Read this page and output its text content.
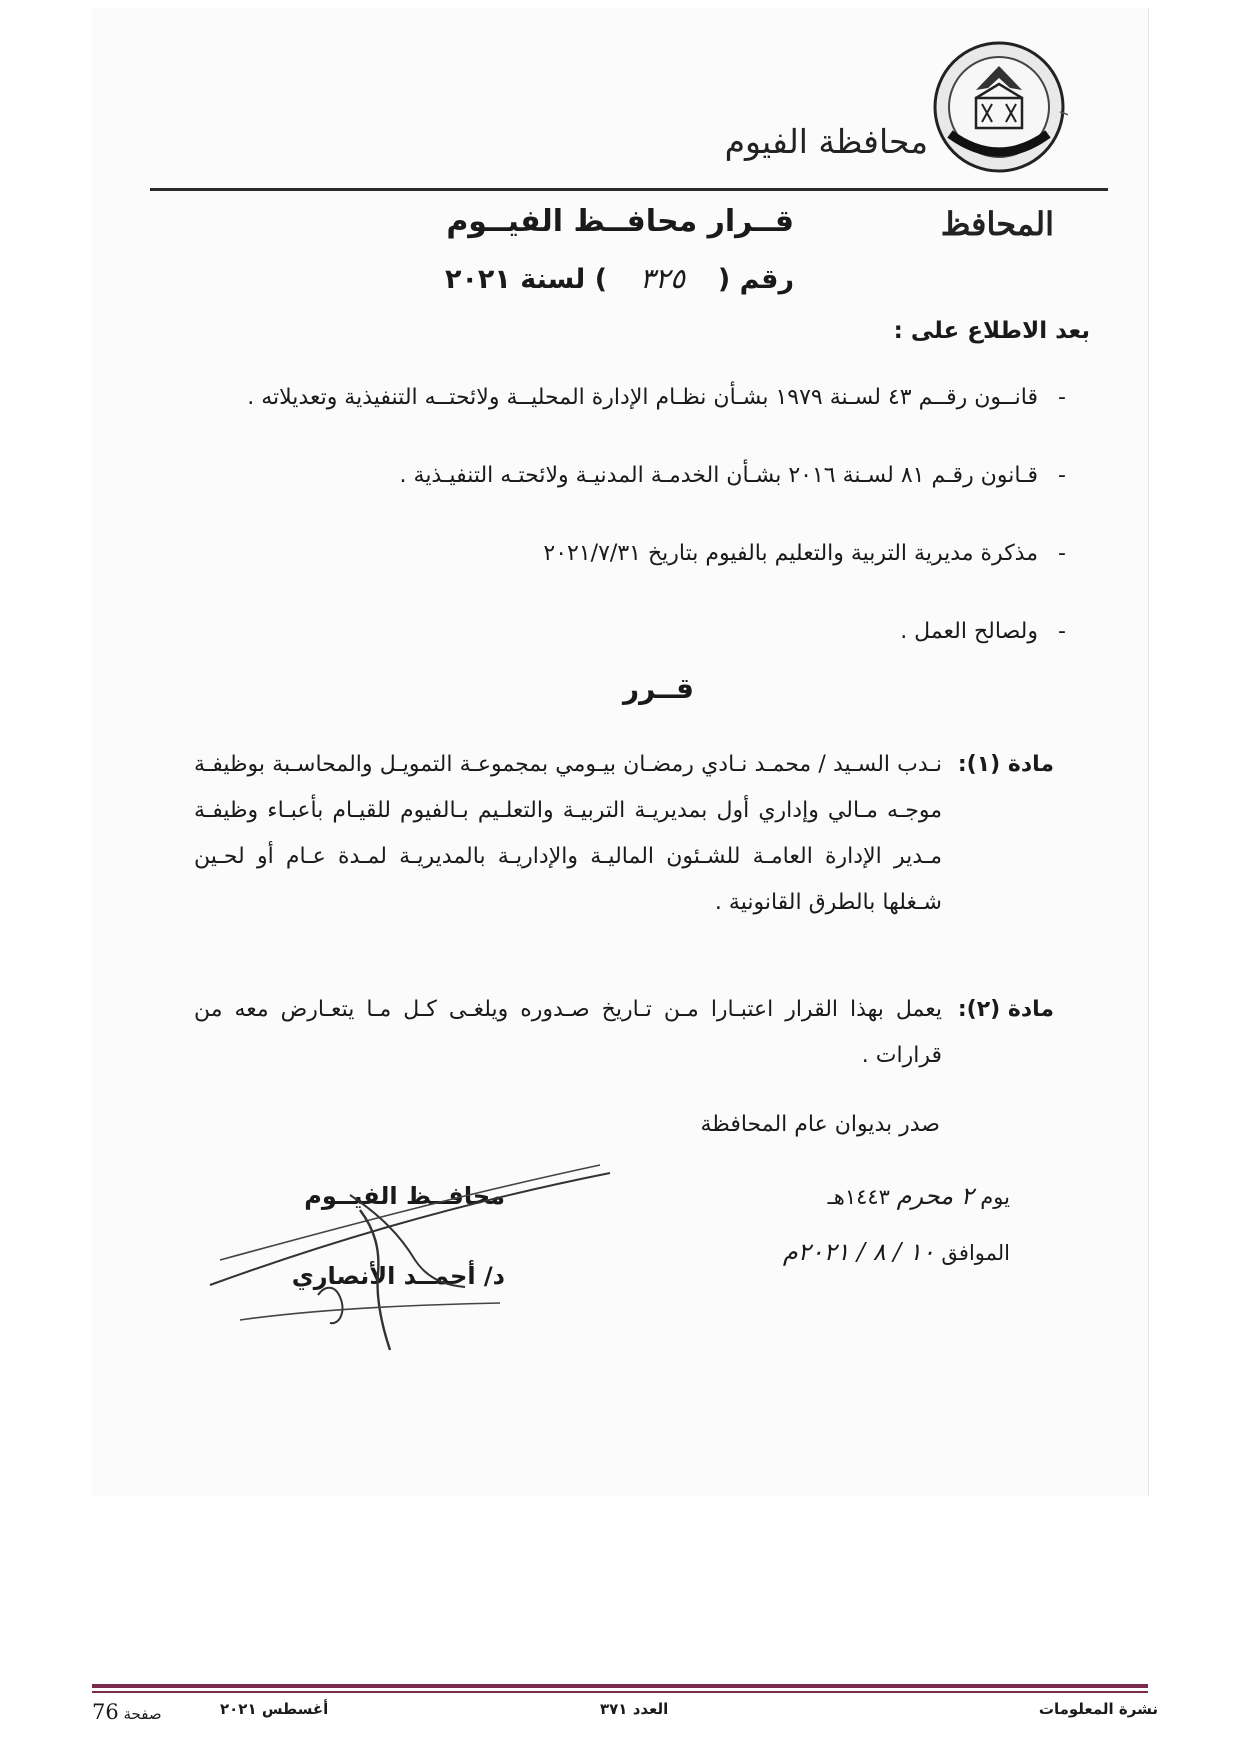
محافظة الفيوم
المحافظ
قــرار محافــظ الفيــوم
رقم ( ٣٢٥ ) لسنة ٢٠٢١
بعد الاطلاع على :
- قانــون رقــم ٤٣ لسـنة ١٩٧٩ بشـأن نظـام الإدارة المحليــة ولائحتــه التنفيذية وتعديلاته .
- قـانون رقـم ٨١ لسـنة ٢٠١٦ بشـأن الخدمـة المدنيـة ولائحتـه التنفيـذية .
- مذكرة مديرية التربية والتعليم بالفيوم بتاريخ ٢٠٢١/٧/٣١
- ولصالح العمل .
قــرر
مادة (١):
نـدب السـيد / محمـد نـادي رمضـان بيـومي بمجموعـة التمويـل والمحاسـبة بوظيفـة موجـه مـالي وإداري أول بمديريـة التربيـة والتعلـيم بـالفيوم للقيـام بأعبـاء وظيفـة مـدير الإدارة العامـة للشـئون الماليـة والإداريـة بالمديريـة لمـدة عـام أو لحـين شـغلها بالطرق القانونية .
مادة (٢):
يعمل بهذا القرار اعتبـارا مـن تـاريخ صـدوره ويلغـى كـل مـا يتعـارض معه من قرارات .
صدر بديوان عام المحافظة
يوم ٢ محرم ١٤٤٣هـ
الموافق ١٠ / ٨ / ٢٠٢١م
محافــظ الفيــوم
د/ أحمــد الأنصاري
نشرة المعلومات
العدد ٣٧١
أغسطس ٢٠٢١
76 صفحة
